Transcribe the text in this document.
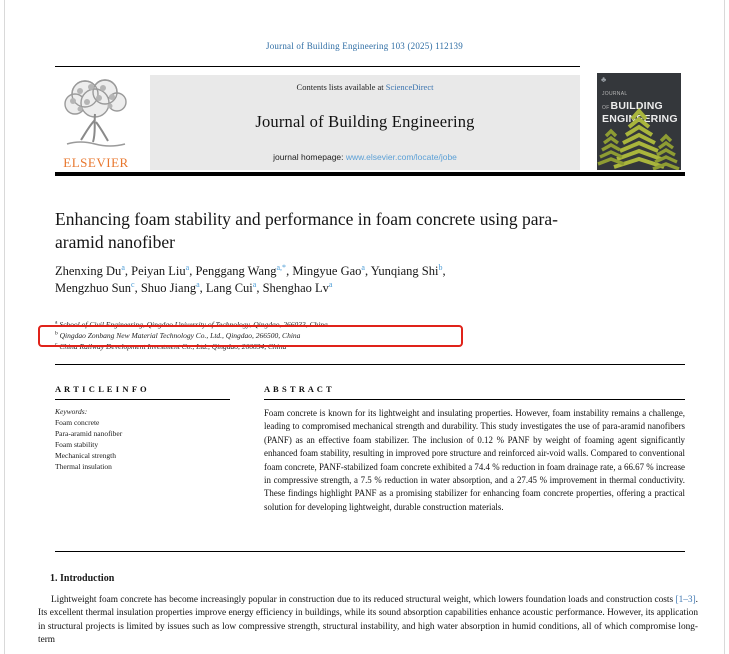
Journal of Building Engineering 103 (2025) 112139
ELSEVIER
Contents lists available at ScienceDirect
Journal of Building Engineering
journal homepage: www.elsevier.com/locate/jobe
♣
JOURNAL OFBUILDING
ENGINEERING
Enhancing foam stability and performance in foam concrete using para-aramid nanofiber
Zhenxing Du$^a$, Peiyan Liu$^a$, Penggang Wang$^{a,*}$, Mingyue Gao$^a$, Yunqiang Shi$^b$,
Mengzhuo Sun$^c$, Shuo Jiang$^a$, Lang Cui$^a$, Shenghao Lv$^a$
$^a$ School of Civil Engineering, Qingdao University of Technology, Qingdao, 266033, China
$^b$ Qingdao Zonbang New Material Technology Co., Ltd., Qingdao, 266500, China
$^c$ China Railway Development Investment Co., Ltd., Qingdao, 266034, China
A R T I C L E I N F O
Keywords:
Foam concrete
Para-aramid nanofiber
Foam stability
Mechanical strength
Thermal insulation
A B S T R A C T
Foam concrete is known for its lightweight and insulating properties. However, foam instability remains a challenge, leading to compromised mechanical strength and durability. This study investigates the use of para-aramid nanofibers (PANF) as an effective foam stabilizer. The inclusion of 0.12 % PANF by weight of foaming agent significantly enhanced foam stability, resulting in improved pore structure and reinforced air-void walls. Compared to conventional foam concrete, PANF-stabilized foam concrete exhibited a 74.4 % reduction in foam drainage rate, a 66.67 % increase in compressive strength, a 7.5 % reduction in water absorption, and a 27.45 % improvement in thermal conductivity. These findings highlight PANF as a promising stabilizer for enhancing foam concrete properties, offering a practical solution for developing lightweight, durable construction materials.
1. Introduction
Lightweight foam concrete has become increasingly popular in construction due to its reduced structural weight, which lowers foundation loads and construction costs [1–3]. Its excellent thermal insulation properties improve energy efficiency in buildings, while its sound absorption capabilities enhance acoustic performance. However, its application in structural projects is limited by issues such as low compressive strength, structural instability, and high water absorption in humid conditions, all of which compromise long-term
